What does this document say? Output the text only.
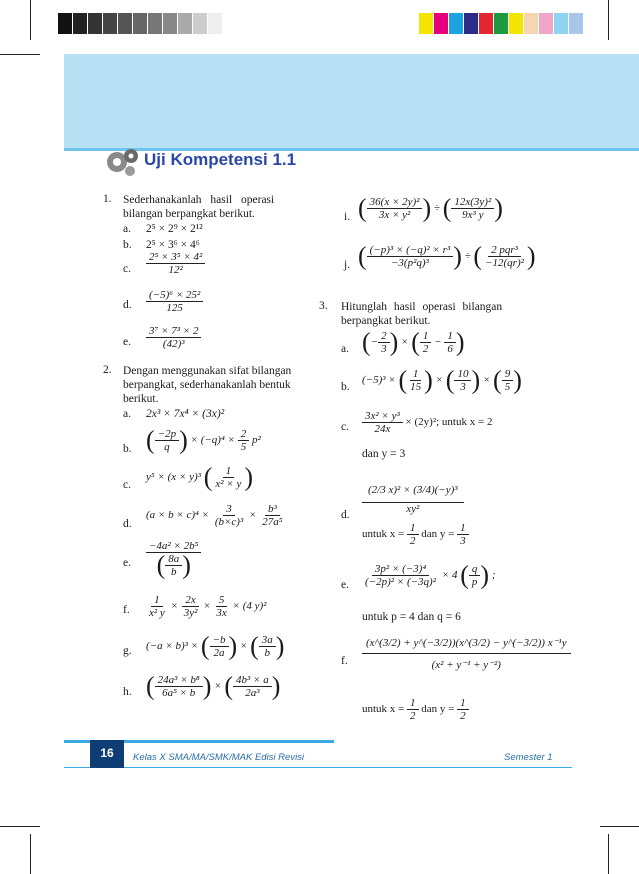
Uji Kompetensi 1.1
1. Sederhanakanlah hasil operasi
bilangan berpangkat berikut.
a. 2⁵ × 2⁹ × 2¹²
b. 2⁵ × 3⁶ × 4⁶
c. $\frac{\text{2⁵ × 3⁵ × 4²}}{\text{12²}}$
d. $\frac{\text{(−5)⁶ × 25²}}{125}$
e. $\frac{\text{3⁷ × 7³ × 2}}{\text{(42)³}}$
2. Dengan menggunakan sifat bilangan
berpangkat, sederhanakanlah bentuk
berikut.
a. 2x³ × 7x⁴ × (3x)²
b. ( $\frac{-2p}{q}$ ) × $(-q)^4 \times \frac{2}{5} p^2$
c.
y⁵ × (x × y)³ ( $\frac{1}{\text{x² × y}}$ )
d.
$(a \times b \times c)^4 \times \frac{3}{\text{(b×c)³}} \times \frac{\text{b³}}{\text{27a⁵}}$
e. $\frac{\text{−4a² × 2b⁵}}{( \frac{8a}{b} )}$
f. $\frac{1}{\text{x² y}} \times \frac{2x}{\text{3y²}} \times \frac{5}{3x} \times (4$ y)²
g. (−a × b)³ × ( $\frac{-b}{2a}$ ) × ( $\frac{3a}{b}$ )
h. ( $\frac{\text{24a³ × b⁸}}{\text{6a⁵ × b}}$ ) × ( $\frac{\text{4b³ × a}}{\text{2a³}}$ )
i. ( $\frac{\text{36(x × 2y)²}}{\text{3x × y²}}$ ) ÷ ( $\frac{\text{12x(3y)²}}{\text{9x³ y}}$ )
j. ( $\frac{\text{(−p)³ × (−q)² × r³}}{\text{−3(p²q)³}}$ ) ÷ ( $\frac{\text{2 pqr³}}{\text{−12(qr)²}}$ )
3. Hitunglah hasil operasi bilangan
berpangkat berikut.
a. (− $\frac{2}{3}$ ) × ( $\frac{1}{2} - \frac{1}{6}$ )
b.
(−5)³ × ( $\frac{1}{15}$ ) × ( $\frac{10}{3}$ ) × ( $\frac{9}{5}$ )
c. $\frac{\text{3x² × y³}}{24x} \times (2y)^2$; untuk x = 2
dan y = 3
d. $\frac{\text{(2/3 x)² × (3/4)(−y)³}}{\text{xy²}}$
untuk $x = \frac{1}{2}$ dan $y = \frac{1}{3}$
e. $\frac{\text{3p² × (−3)⁴}}{\text{(−2p)² × (−3q)²}} \times 4$ ( $\frac{q}{p}$ ) ;
untuk p = 4 dan q = 6
f. $\frac{\text{(x\textasciicircum{}(3/2) + y\textasciicircum{}(−3/2))(x\textasciicircum{}(3/2) − y\textasciicircum{}(−3/2)) x⁻¹y}}{\text{(x² + y⁻¹ + y⁻²)}}$
untuk $x = \frac{1}{2}$ dan $y = \frac{1}{2}$
16	Kelas X SMA/MA/SMK/MAK Edisi Revisi	Semester 1
